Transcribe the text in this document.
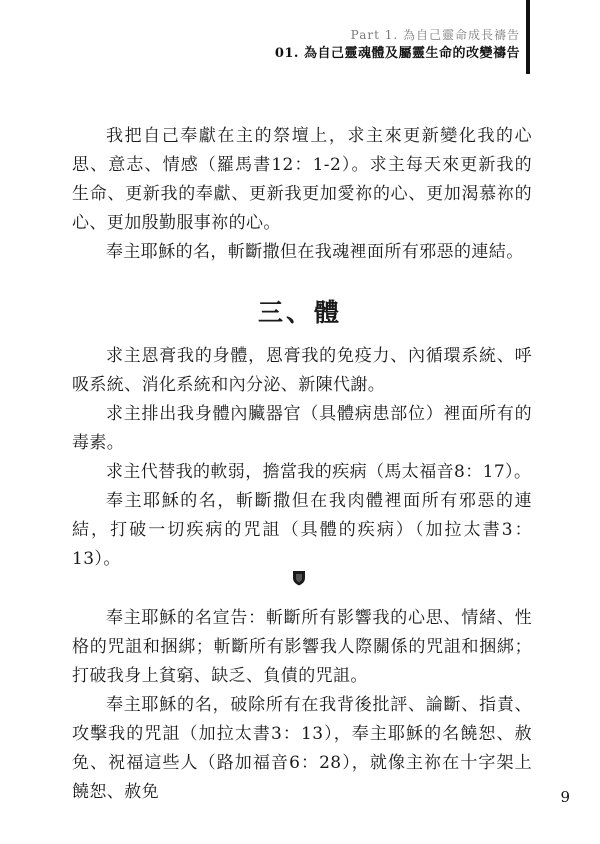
Part 1. 為自己靈命成長禱告
01. 為自己靈魂體及屬靈生命的改變禱告

我把自己奉獻在主的祭壇上，求主來更新變化我的心思、意志、情感（羅馬書12：1-2）。求主每天來更新我的生命、更新我的奉獻、更新我更加愛祢的心、更加渴慕祢的心、更加殷勤服事祢的心。

奉主耶穌的名，斬斷撒但在我魂裡面所有邪惡的連結。

三、體

求主恩膏我的身體，恩膏我的免疫力、內循環系統、呼吸系統、消化系統和內分泌、新陳代謝。

求主排出我身體內臟器官（具體病患部位）裡面所有的毒素。

求主代替我的軟弱，擔當我的疾病（馬太福音8：17）。

奉主耶穌的名，斬斷撒但在我肉體裡面所有邪惡的連結，打破一切疾病的咒詛（具體的疾病）（加拉太書3：13）。

奉主耶穌的名宣告：斬斷所有影響我的心思、情緒、性格的咒詛和捆綁；斬斷所有影響我人際關係的咒詛和捆綁；打破我身上貧窮、缺乏、負債的咒詛。

奉主耶穌的名，破除所有在我背後批評、論斷、指責、攻擊我的咒詛（加拉太書3：13），奉主耶穌的名饒恕、赦免、祝福這些人（路加福音6：28），就像主祢在十字架上饒恕、赦免	9
